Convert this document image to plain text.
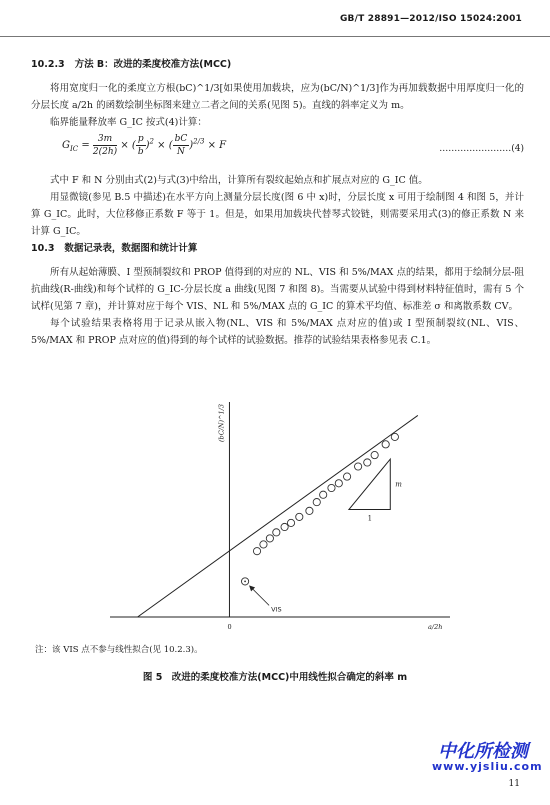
GB/T 28891—2012/ISO 15024:2001
10.2.3 方法 B：改进的柔度校准方法(MCC)

将用宽度归一化的柔度立方根(bC)^1/3[如果使用加载块，应为(bC/N)^1/3]作为再加载数据中用厚度归一化的分层长度 a/2h 的函数绘制坐标图来建立二者之间的关系(见图 5)。直线的斜率定义为 m。

临界能量释放率 G_IC 按式(4)计算：

$G_{IC} = \frac{3m}{2(2h)}$ × ( $\frac{p}{b} )^2$ × ( $\frac{bC}{N} )^{2/3} \times F$	……………………(4)

式中 F 和 N 分别由式(2)与式(3)中给出，计算所有裂纹起始点和扩展点对应的 G_IC 值。

用显微镜(参见 B.5 中描述)在水平方向上测量分层长度(图 6 中 x)时，分层长度 x 可用于绘制图 4 和图 5，并计算 G_IC。此时，大位移修正系数 F 等于 1。但是，如果用加载块代替琴式铰链，则需要采用式(3)的修正系数 N 来计算 G_IC。

10.3 数据记录表，数据图和统计计算

所有从起始薄膜、I 型预制裂纹和 PROP 值得到的对应的 NL、VIS 和 5%/MAX 点的结果，都用于绘制分层-阻抗曲线(R-曲线)和每个试样的 G_IC-分层长度 a 曲线(见图 7 和图 8)。当需要从试验中得到材料特征值时，需有 5 个试样(见第 7 章)，并计算对应于每个 VIS、NL 和 5%/MAX 点的 G_IC 的算术平均值、标准差 σ 和离散系数 CV。

每个试验结果表格将用于记录从嵌入物(NL、VIS 和 5%/MAX 点对应的值)或 I 型预制裂纹(NL、VIS、5%/MAX 和 PROP 点对应的值)得到的每个试样的试验数据。推荐的试验结果表格参见表 C.1。

(bC/N)^1/3
a/2h
0
m
1
VIS
注：该 VIS 点不参与线性拟合(见 10.2.3)。
图 5　改进的柔度校准方法(MCC)中用线性拟合确定的斜率 m
中化所检测
www.yjsliu.com
11
